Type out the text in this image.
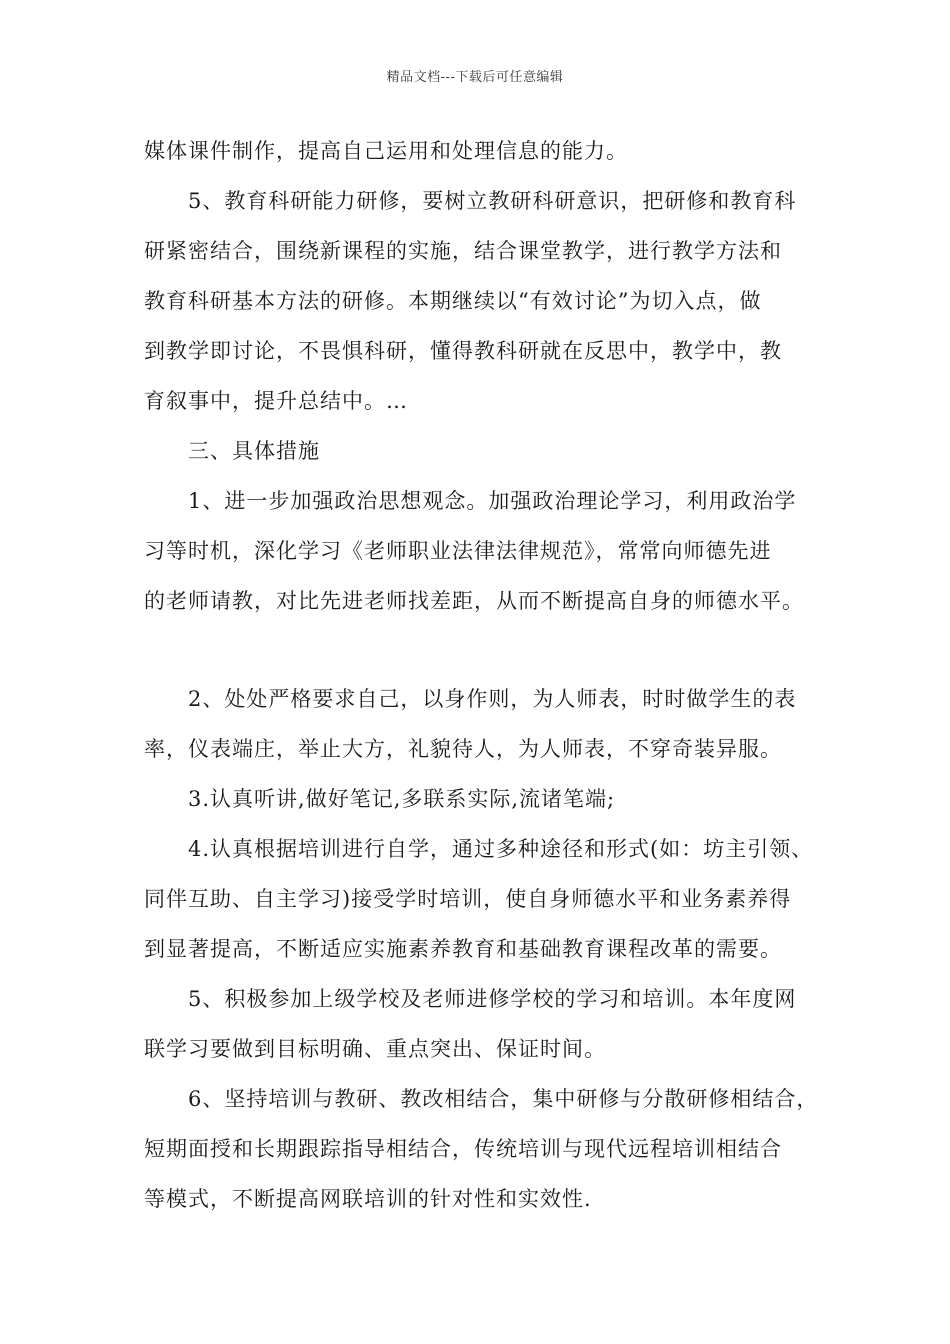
精品文档---下载后可任意编辑
媒体课件制作，提高自己运用和处理信息的能力。
5、教育科研能力研修，要树立教研科研意识，把研修和教育科
研紧密结合，围绕新课程的实施，结合课堂教学，进行教学方法和
教育科研基本方法的研修。本期继续以“有效讨论”为切入点，做
到教学即讨论，不畏惧科研，懂得教科研就在反思中，教学中，教
育叙事中，提升总结中。…
三、具体措施
1、进一步加强政治思想观念。加强政治理论学习，利用政治学
习等时机，深化学习《老师职业法律法律规范》，常常向师德先进
的老师请教，对比先进老师找差距，从而不断提高自身的师德水平。
2、处处严格要求自己，以身作则，为人师表，时时做学生的表
率，仪表端庄，举止大方，礼貌待人，为人师表，不穿奇装异服。
3.认真听讲,做好笔记,多联系实际,流诸笔端;
4.认真根据培训进行自学，通过多种途径和形式(如：坊主引领、
同伴互助、自主学习)接受学时培训，使自身师德水平和业务素养得
到显著提高，不断适应实施素养教育和基础教育课程改革的需要。
5、积极参加上级学校及老师进修学校的学习和培训。本年度网
联学习要做到目标明确、重点突出、保证时间。
6、坚持培训与教研、教改相结合，集中研修与分散研修相结合，
短期面授和长期跟踪指导相结合，传统培训与现代远程培训相结合
等模式，不断提高网联培训的针对性和实效性.
